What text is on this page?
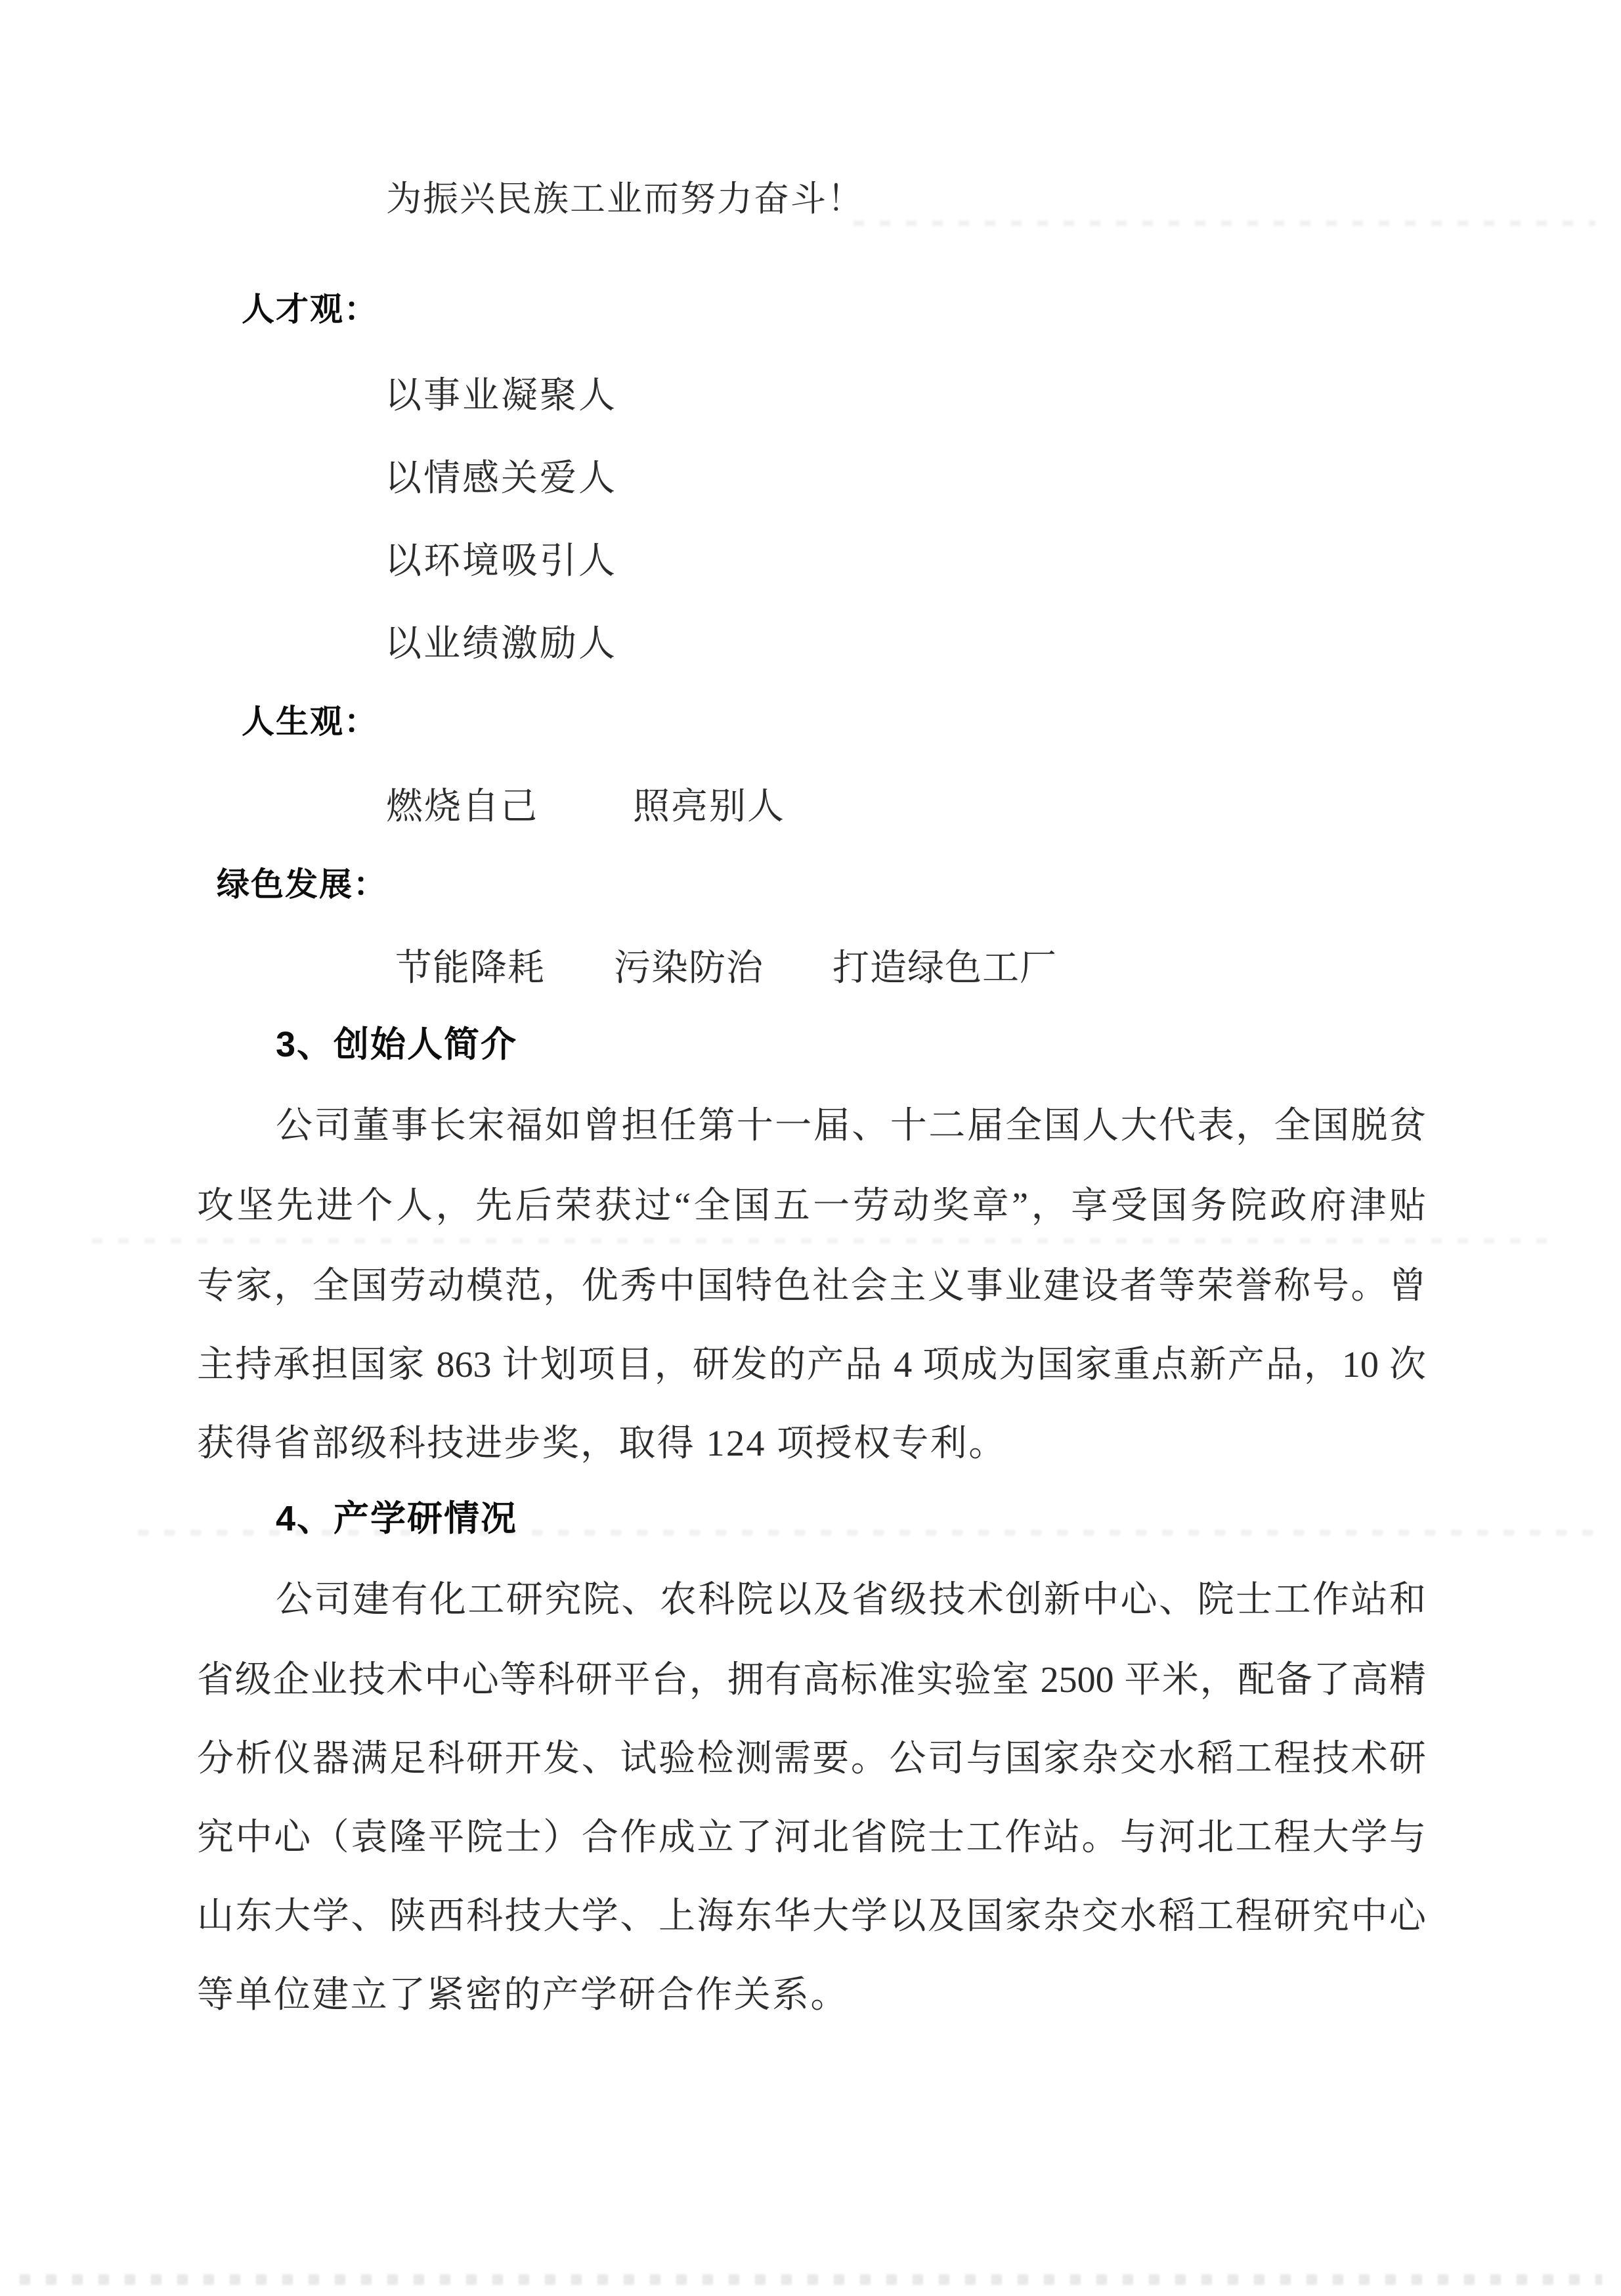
为振兴民族工业而努力奋斗！
人才观：
以事业凝聚人
以情感关爱人
以环境吸引人
以业绩激励人
人生观：
燃烧自己	照亮别人
绿色发展：
节能降耗 污染防治 打造绿色工厂
3、创始人简介
公司董事长宋福如曾担任第十一届、十二届全国人大代表，全国脱贫
攻坚先进个人，先后荣获过“全国五一劳动奖章”，享受国务院政府津贴
专家，全国劳动模范，优秀中国特色社会主义事业建设者等荣誉称号。曾
主持承担国家 863 计划项目，研发的产品 4 项成为国家重点新产品，10 次
获得省部级科技进步奖，取得 124 项授权专利。
4、产学研情况
公司建有化工研究院、农科院以及省级技术创新中心、院士工作站和
省级企业技术中心等科研平台，拥有高标准实验室 2500 平米，配备了高精
分析仪器满足科研开发、试验检测需要。公司与国家杂交水稻工程技术研
究中心（袁隆平院士）合作成立了河北省院士工作站。与河北工程大学与
山东大学、陕西科技大学、上海东华大学以及国家杂交水稻工程研究中心
等单位建立了紧密的产学研合作关系。
